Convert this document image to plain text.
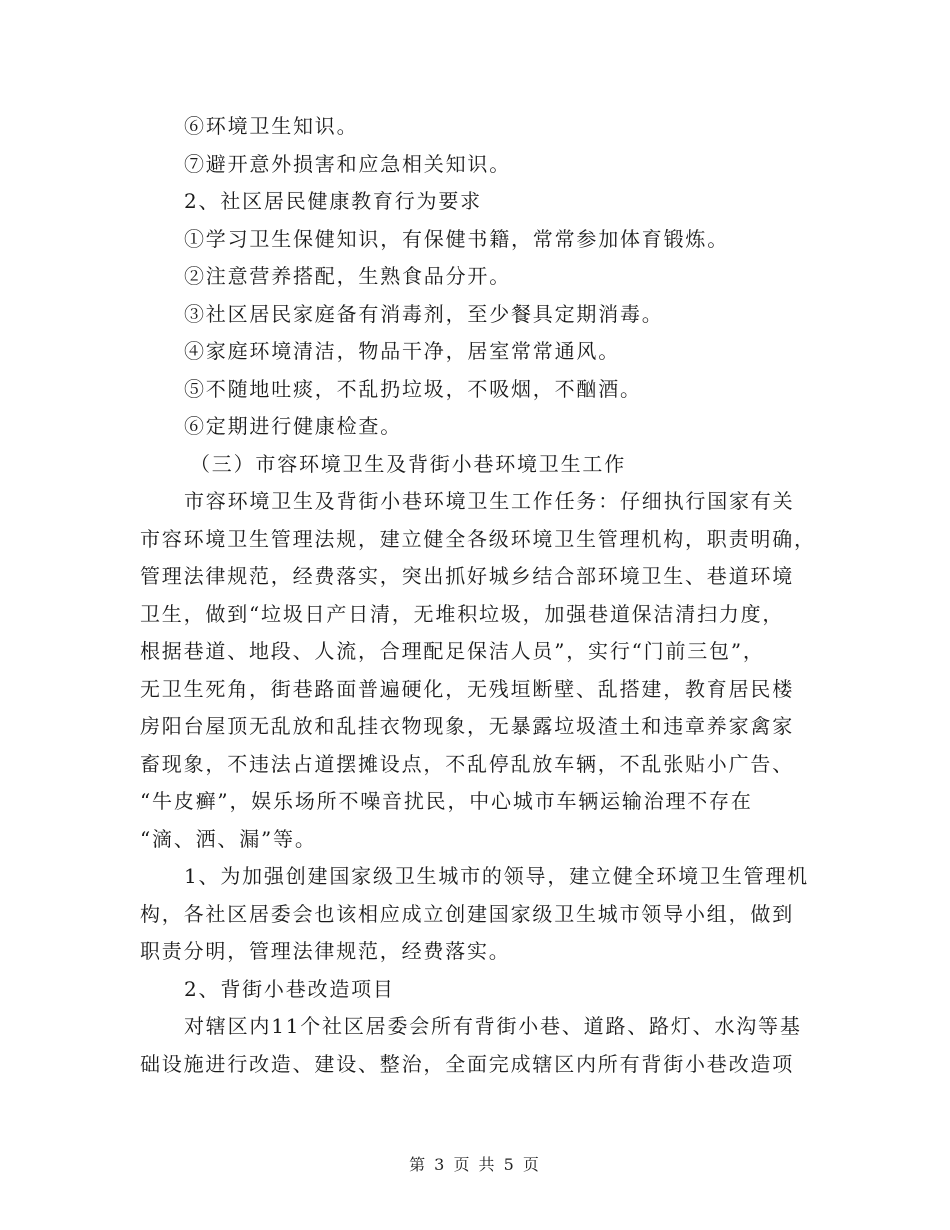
⑥环境卫生知识。
⑦避开意外损害和应急相关知识。
2、社区居民健康教育行为要求
①学习卫生保健知识，有保健书籍，常常参加体育锻炼。
②注意营养搭配，生熟食品分开。
③社区居民家庭备有消毒剂，至少餐具定期消毒。
④家庭环境清洁，物品干净，居室常常通风。
⑤不随地吐痰，不乱扔垃圾，不吸烟，不酗酒。
⑥定期进行健康检查。
（三）市容环境卫生及背街小巷环境卫生工作
市容环境卫生及背街小巷环境卫生工作任务：仔细执行国家有关
市容环境卫生管理法规，建立健全各级环境卫生管理机构，职责明确，
管理法律规范，经费落实，突出抓好城乡结合部环境卫生、巷道环境
卫生，做到“垃圾日产日清，无堆积垃圾，加强巷道保洁清扫力度，
根据巷道、地段、人流，合理配足保洁人员”，实行“门前三包”，
无卫生死角，街巷路面普遍硬化，无残垣断壁、乱搭建，教育居民楼
房阳台屋顶无乱放和乱挂衣物现象，无暴露垃圾渣土和违章养家禽家
畜现象，不违法占道摆摊设点，不乱停乱放车辆，不乱张贴小广告、
“牛皮癣”，娱乐场所不噪音扰民，中心城市车辆运输治理不存在
“滴、洒、漏”等。
1、为加强创建国家级卫生城市的领导，建立健全环境卫生管理机
构，各社区居委会也该相应成立创建国家级卫生城市领导小组，做到
职责分明，管理法律规范，经费落实。
2、背街小巷改造项目
对辖区内11个社区居委会所有背街小巷、道路、路灯、水沟等基
础设施进行改造、建设、整治，全面完成辖区内所有背街小巷改造项
第 3 页 共 5 页
